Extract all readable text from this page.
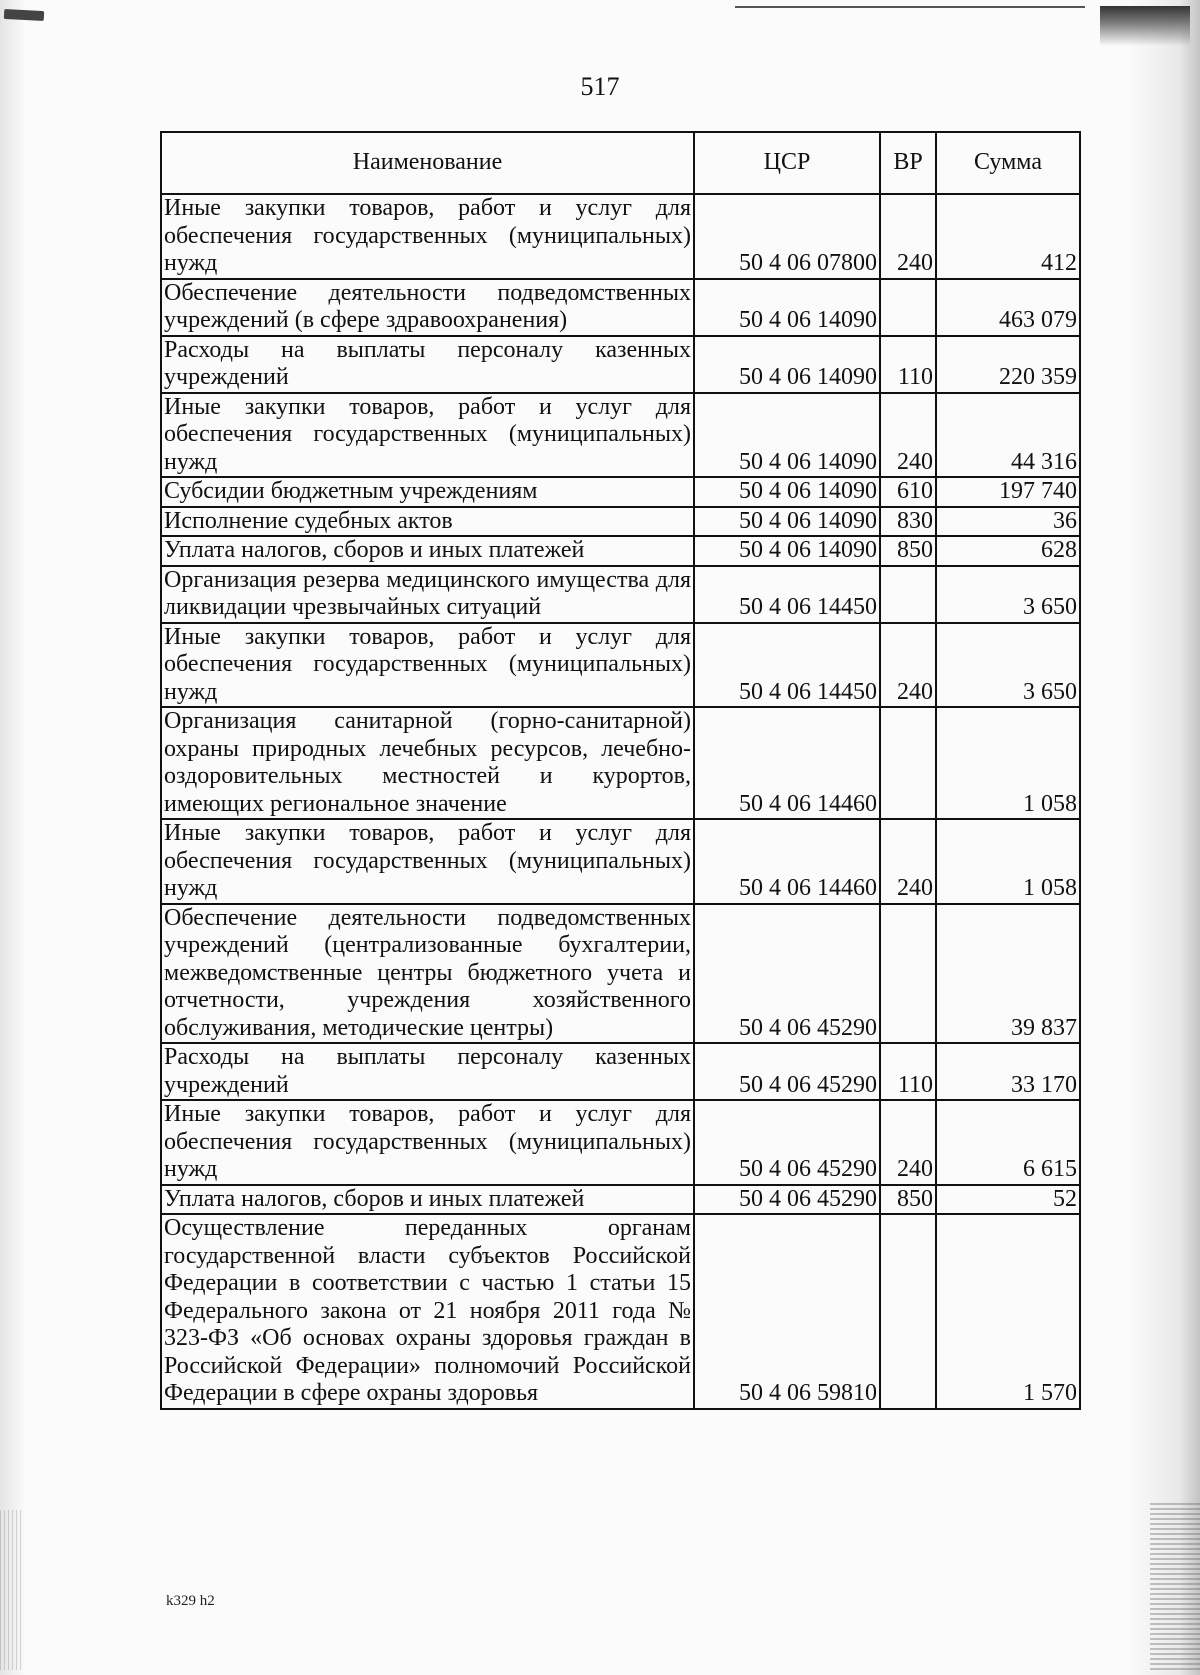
517
Наименование	ЦСР	ВР	Сумма
Иные закупки товаров, работ и услуг для обеспечения государственных (муниципальных) нужд	50 4 06 07800	240	412
Обеспечение деятельности подведомственных учреждений (в сфере здравоохранения)	50 4 06 14090		463 079
Расходы на выплаты персоналу казенных учреждений	50 4 06 14090	110	220 359
Иные закупки товаров, работ и услуг для обеспечения государственных (муниципальных) нужд	50 4 06 14090	240	44 316
Субсидии бюджетным учреждениям	50 4 06 14090	610	197 740
Исполнение судебных актов	50 4 06 14090	830	36
Уплата налогов, сборов и иных платежей	50 4 06 14090	850	628
Организация резерва медицинского имущества для ликвидации чрезвычайных ситуаций	50 4 06 14450		3 650
Иные закупки товаров, работ и услуг для обеспечения государственных (муниципальных) нужд	50 4 06 14450	240	3 650
Организация санитарной (горно-санитарной) охраны природных лечебных ресурсов, лечебно-оздоровительных местностей и курортов, имеющих региональное значение	50 4 06 14460		1 058
Иные закупки товаров, работ и услуг для обеспечения государственных (муниципальных) нужд	50 4 06 14460	240	1 058
Обеспечение деятельности подведомственных учреждений (централизованные бухгалтерии, межведомственные центры бюджетного учета и отчетности, учреждения хозяйственного обслуживания, методические центры)	50 4 06 45290		39 837
Расходы на выплаты персоналу казенных учреждений	50 4 06 45290	110	33 170
Иные закупки товаров, работ и услуг для обеспечения государственных (муниципальных) нужд	50 4 06 45290	240	6 615
Уплата налогов, сборов и иных платежей	50 4 06 45290	850	52
Осуществление переданных органам государственной власти субъектов Российской Федерации в соответствии с частью 1 статьи 15 Федерального закона от 21 ноября 2011 года № 323-ФЗ «Об основах охраны здоровья граждан в Российской Федерации» полномочий Российской Федерации в сфере охраны здоровья	50 4 06 59810		1 570
k329 h2
